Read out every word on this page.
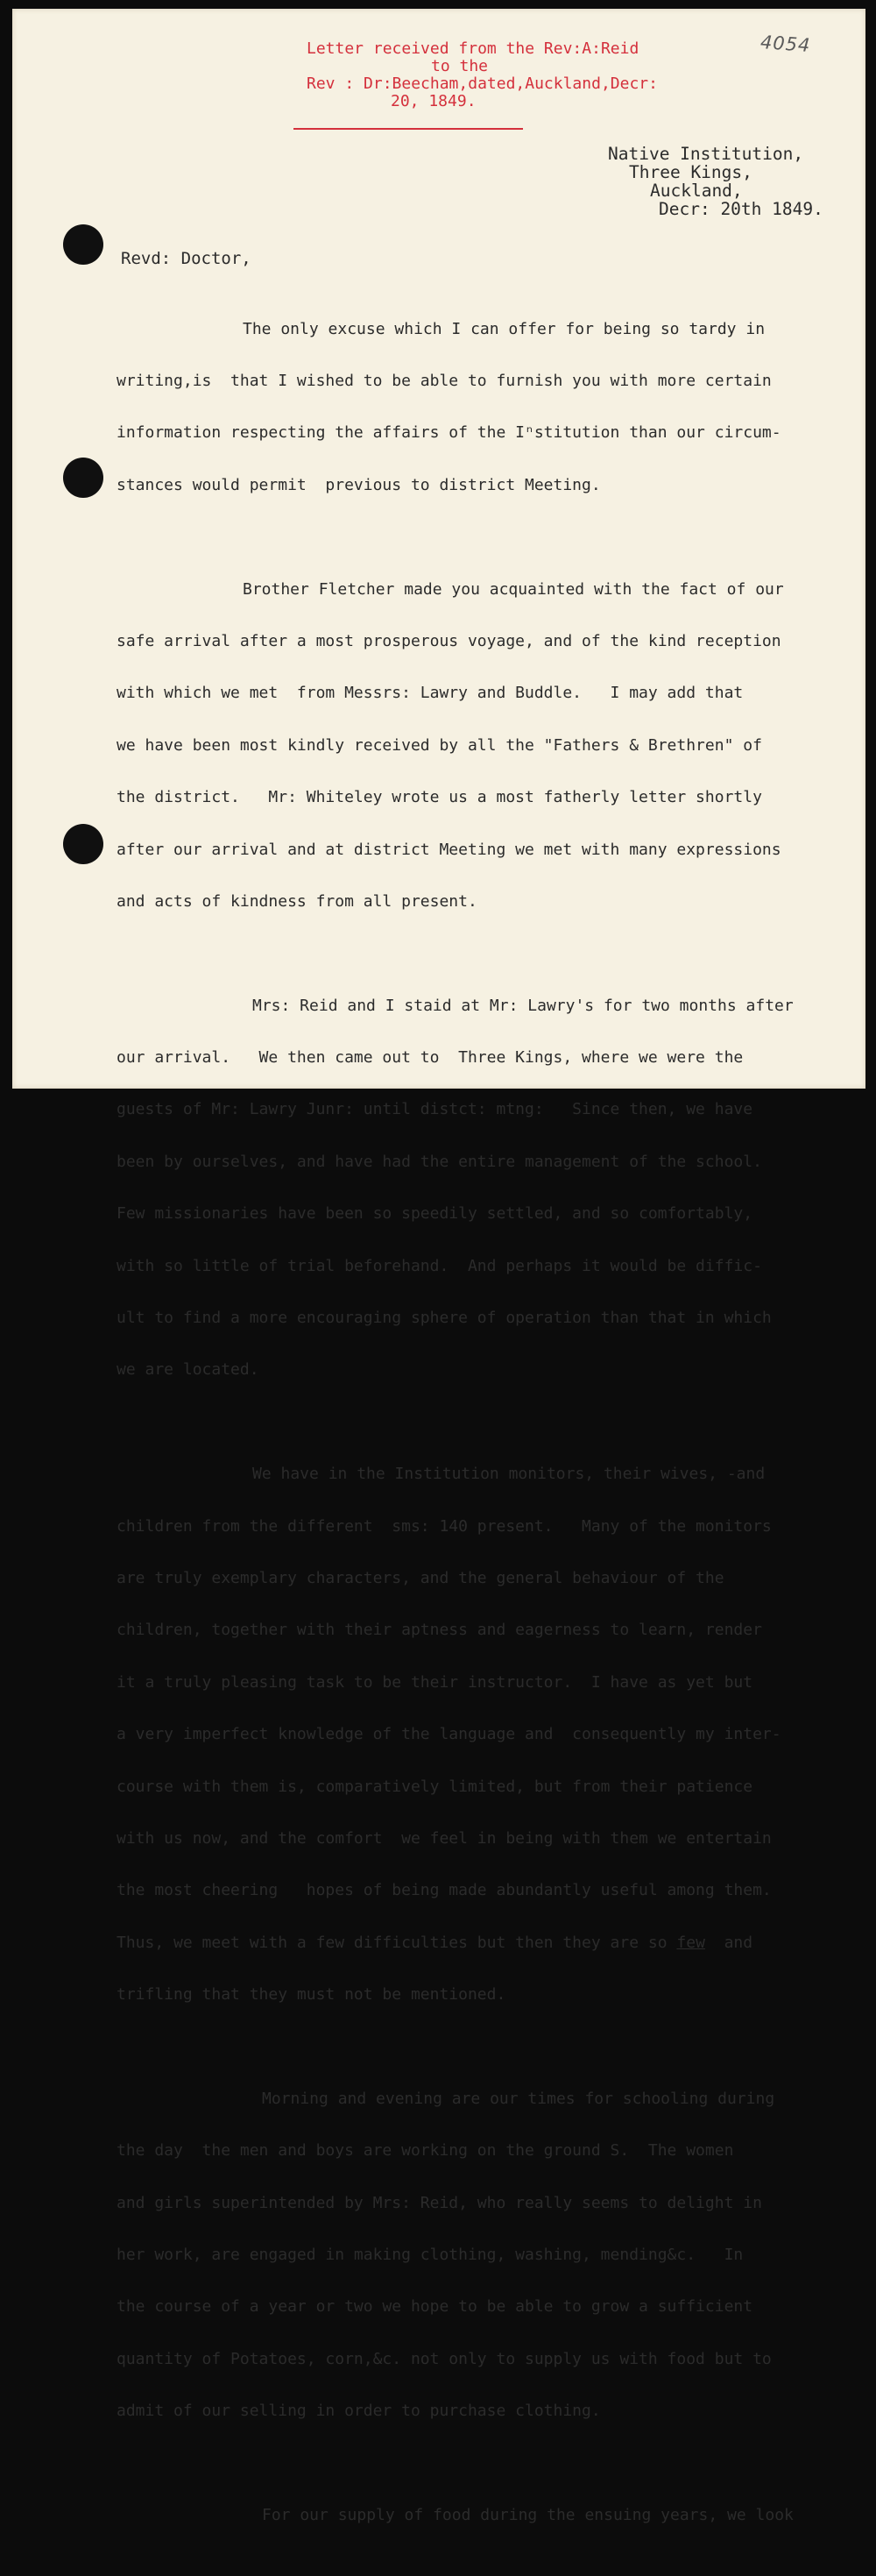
4054
Letter received from the Rev:A:Reid
to the
Rev : Dr:Beecham,dated,Auckland,Decr:
20, 1849.
Native Institution,
Three Kings,
Auckland,
Decr: 20th 1849.
Revd: Doctor,

The only excuse which I can offer for being so tardy in

writing,is  that I wished to be able to furnish you with more certain

information respecting the affairs of the Iⁿstitution than our circum-

stances would permit  previous to district Meeting.

Brother Fletcher made you acquainted with the fact of our

safe arrival after a most prosperous voyage, and of the kind reception

with which we met  from Messrs: Lawry and Buddle.   I may add that

we have been most kindly received by all the "Fathers & Brethren" of

the district.   Mr: Whiteley wrote us a most fatherly letter shortly

after our arrival and at district Meeting we met with many expressions

and acts of kindness from all present.

Mrs: Reid and I staid at Mr: Lawry's for two months after

our arrival.   We then came out to  Three Kings, where we were the

guests of Mr: Lawry Junr: until distct: mtng:   Since then, we have

been by ourselves, and have had the entire management of the school.

Few missionaries have been so speedily settled, and so comfortably,

with so little of trial beforehand.  And perhaps it would be diffic-

ult to find a more encouraging sphere of operation than that in which

we are located.

We have in the Institution monitors, their wives, -and

children from the different  sms: 140 present.   Many of the monitors

are truly exemplary characters, and the general behaviour of the

children, together with their aptness and eagerness to learn, render

it a truly pleasing task to be their instructor.  I have as yet but

a very imperfect knowledge of the language and  consequently my inter-

course with them is, comparatively limited, but from their patience

with us now, and the comfort  we feel in being with them we entertain

the most cheering   hopes of being made abundantly useful among them.

Thus, we meet with a few difficulties but then they are so few  and

trifling that they must not be mentioned.

Morning and evening are our times for schooling during

the day  the men and boys are working on the ground S.  The women

and girls superintended by Mrs: Reid, who really seems to delight in

her work, are engaged in making clothing, washing, mending&c.   In

the course of a year or two we hope to be able to grow a sufficient

quantity of Potatoes, corn,&c. not only to supply us with food but to

admit of our selling in order to purchase clothing.

For our supply of food during the ensuing years, we look
